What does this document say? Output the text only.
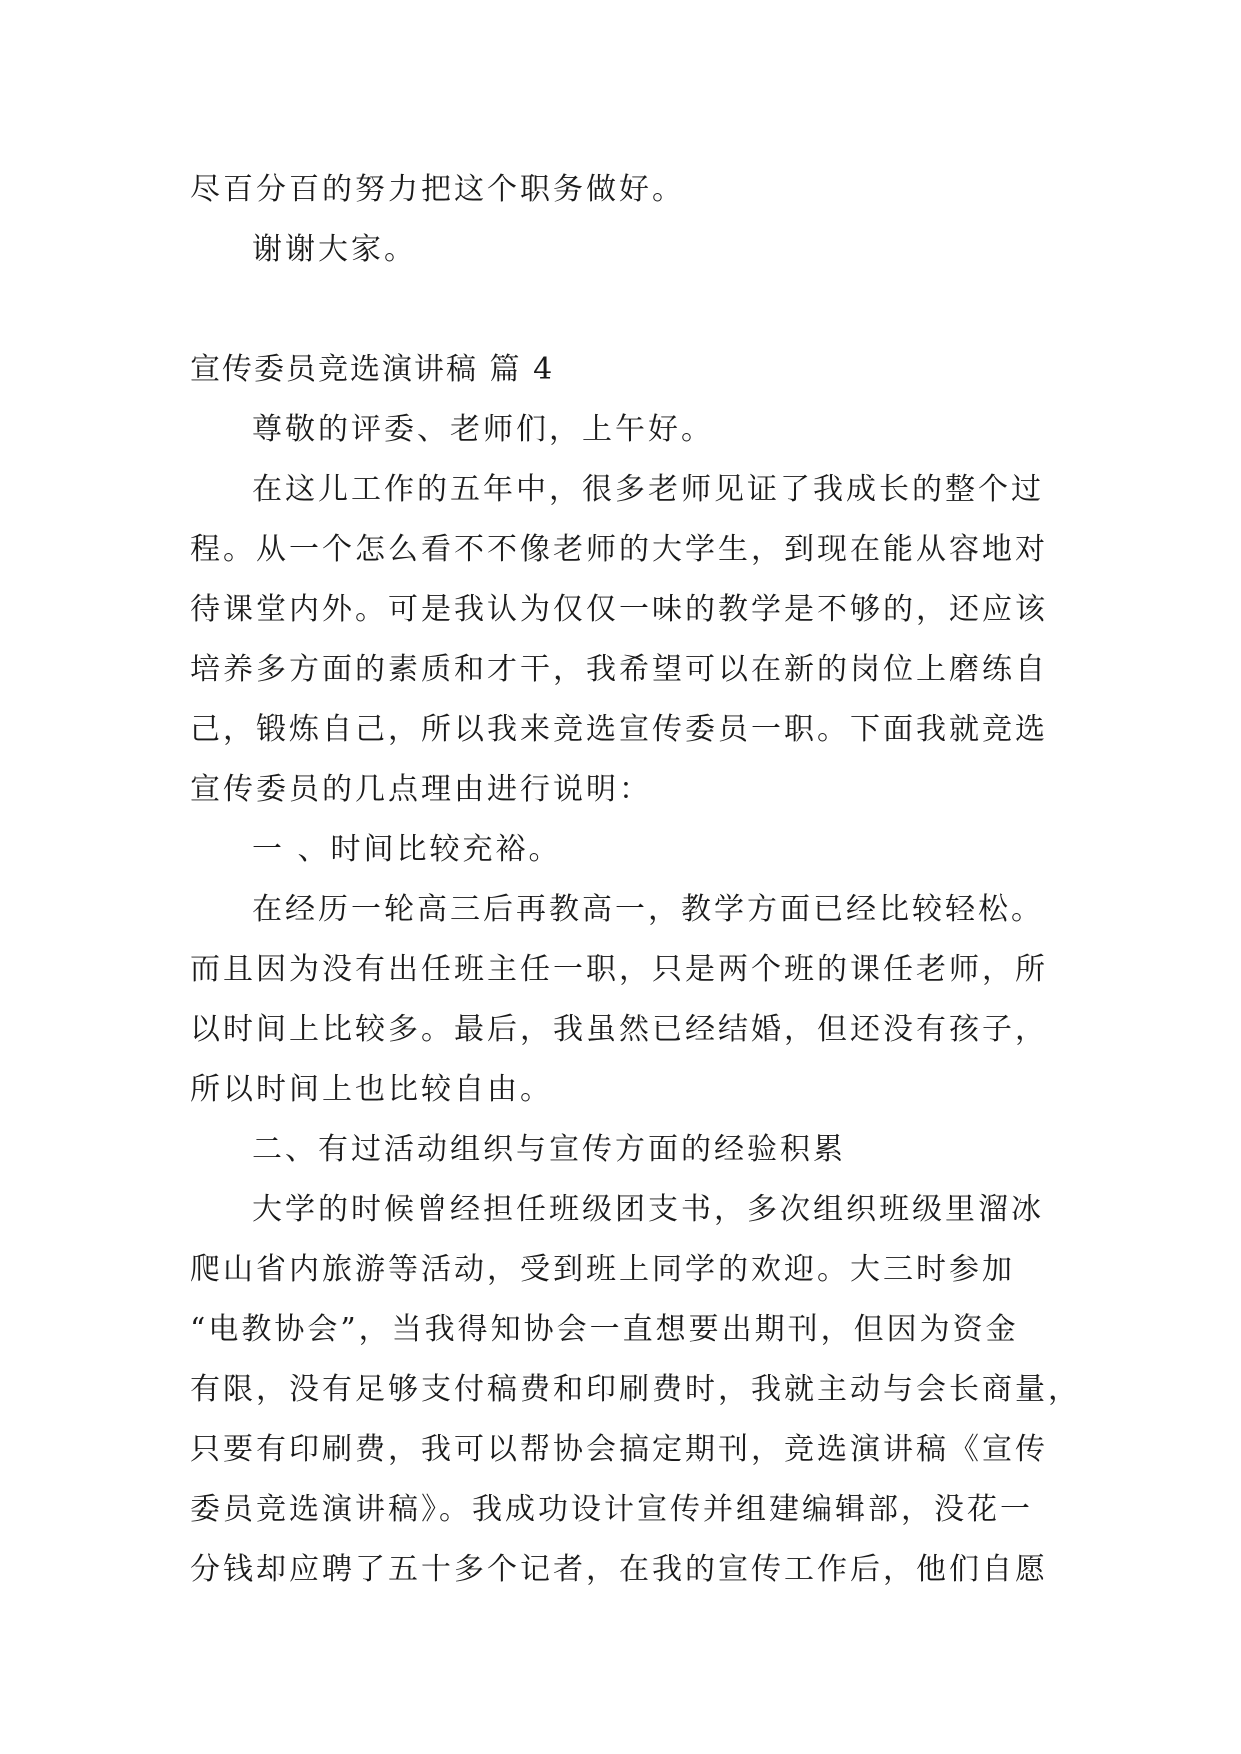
尽百分百的努力把这个职务做好。
谢谢大家。
宣传委员竞选演讲稿 篇 4
尊敬的评委、老师们，上午好。
在这儿工作的五年中，很多老师见证了我成长的整个过
程。从一个怎么看不不像老师的大学生，到现在能从容地对
待课堂内外。可是我认为仅仅一味的教学是不够的，还应该
培养多方面的素质和才干，我希望可以在新的岗位上磨练自
己，锻炼自己，所以我来竞选宣传委员一职。下面我就竞选
宣传委员的几点理由进行说明：
一 、时间比较充裕。
在经历一轮高三后再教高一，教学方面已经比较轻松。
而且因为没有出任班主任一职，只是两个班的课任老师，所
以时间上比较多。最后，我虽然已经结婚，但还没有孩子，
所以时间上也比较自由。
二、有过活动组织与宣传方面的经验积累
大学的时候曾经担任班级团支书，多次组织班级里溜冰
爬山省内旅游等活动，受到班上同学的欢迎。大三时参加
“电教协会”，当我得知协会一直想要出期刊，但因为资金
有限，没有足够支付稿费和印刷费时，我就主动与会长商量，
只要有印刷费，我可以帮协会搞定期刊，竞选演讲稿《宣传
委员竞选演讲稿》。我成功设计宣传并组建编辑部，没花一
分钱却应聘了五十多个记者，在我的宣传工作后，他们自愿
